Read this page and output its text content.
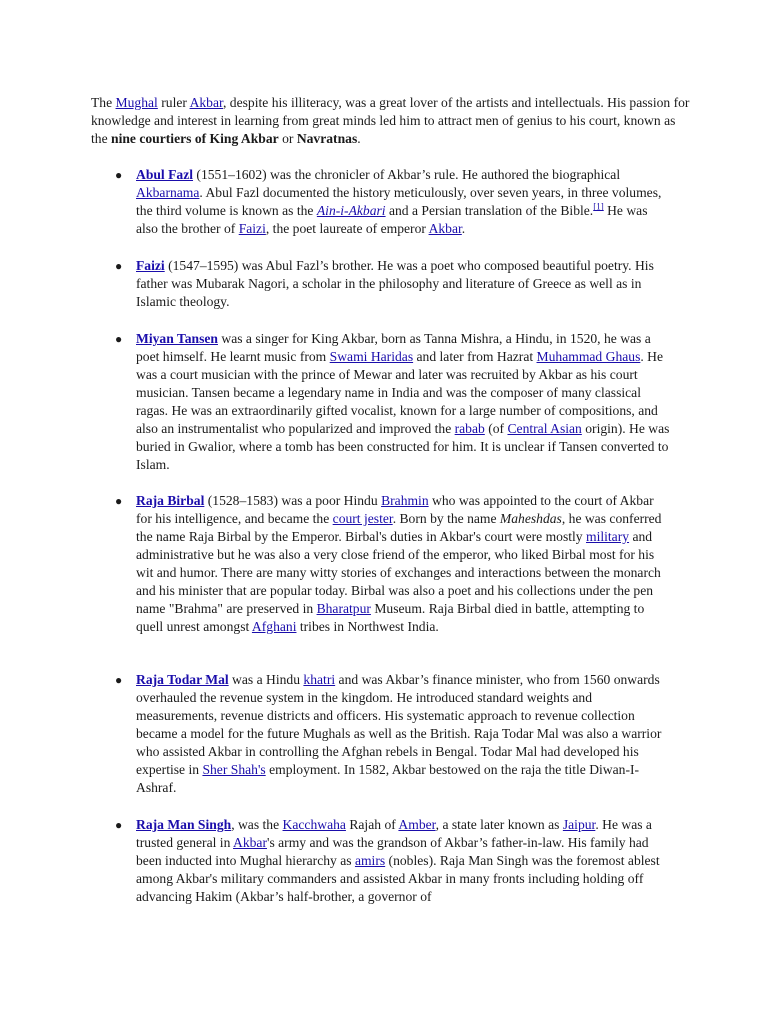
The Mughal ruler Akbar, despite his illiteracy, was a great lover of the artists and intellectuals. His passion for knowledge and interest in learning from great minds led him to attract men of genius to his court, known as the nine courtiers of King Akbar or Navratnas.

● Abul Fazl (1551–1602) was the chronicler of Akbar’s rule. He authored the biographical Akbarnama. Abul Fazl documented the history meticulously, over seven years, in three volumes, the third volume is known as the Ain-i-Akbari and a Persian translation of the Bible.[1] He was also the brother of Faizi, the poet laureate of emperor Akbar.
● Faizi (1547–1595) was Abul Fazl’s brother. He was a poet who composed beautiful poetry. His father was Mubarak Nagori, a scholar in the philosophy and literature of Greece as well as in Islamic theology.
● Miyan Tansen was a singer for King Akbar, born as Tanna Mishra, a Hindu, in 1520, he was a poet himself. He learnt music from Swami Haridas and later from Hazrat Muhammad Ghaus. He was a court musician with the prince of Mewar and later was recruited by Akbar as his court musician. Tansen became a legendary name in India and was the composer of many classical ragas. He was an extraordinarily gifted vocalist, known for a large number of compositions, and also an instrumentalist who popularized and improved the rabab (of Central Asian origin). He was buried in Gwalior, where a tomb has been constructed for him. It is unclear if Tansen converted to Islam.
● Raja Birbal (1528–1583) was a poor Hindu Brahmin who was appointed to the court of Akbar for his intelligence, and became the court jester. Born by the name Maheshdas, he was conferred the name Raja Birbal by the Emperor. Birbal's duties in Akbar's court were mostly military and administrative but he was also a very close friend of the emperor, who liked Birbal most for his wit and humor. There are many witty stories of exchanges and interactions between the monarch and his minister that are popular today. Birbal was also a poet and his collections under the pen name "Brahma" are preserved in Bharatpur Museum. Raja Birbal died in battle, attempting to quell unrest amongst Afghani tribes in Northwest India.
● Raja Todar Mal was a Hindu khatri and was Akbar’s finance minister, who from 1560 onwards overhauled the revenue system in the kingdom. He introduced standard weights and measurements, revenue districts and officers. His systematic approach to revenue collection became a model for the future Mughals as well as the British. Raja Todar Mal was also a warrior who assisted Akbar in controlling the Afghan rebels in Bengal. Todar Mal had developed his expertise in Sher Shah's employment. In 1582, Akbar bestowed on the raja the title Diwan-I-Ashraf.
● Raja Man Singh, was the Kacchwaha Rajah of Amber, a state later known as Jaipur. He was a trusted general in Akbar's army and was the grandson of Akbar’s father-in-law. His family had been inducted into Mughal hierarchy as amirs (nobles). Raja Man Singh was the foremost ablest among Akbar's military commanders and assisted Akbar in many fronts including holding off advancing Hakim (Akbar’s half-brother, a governor of
